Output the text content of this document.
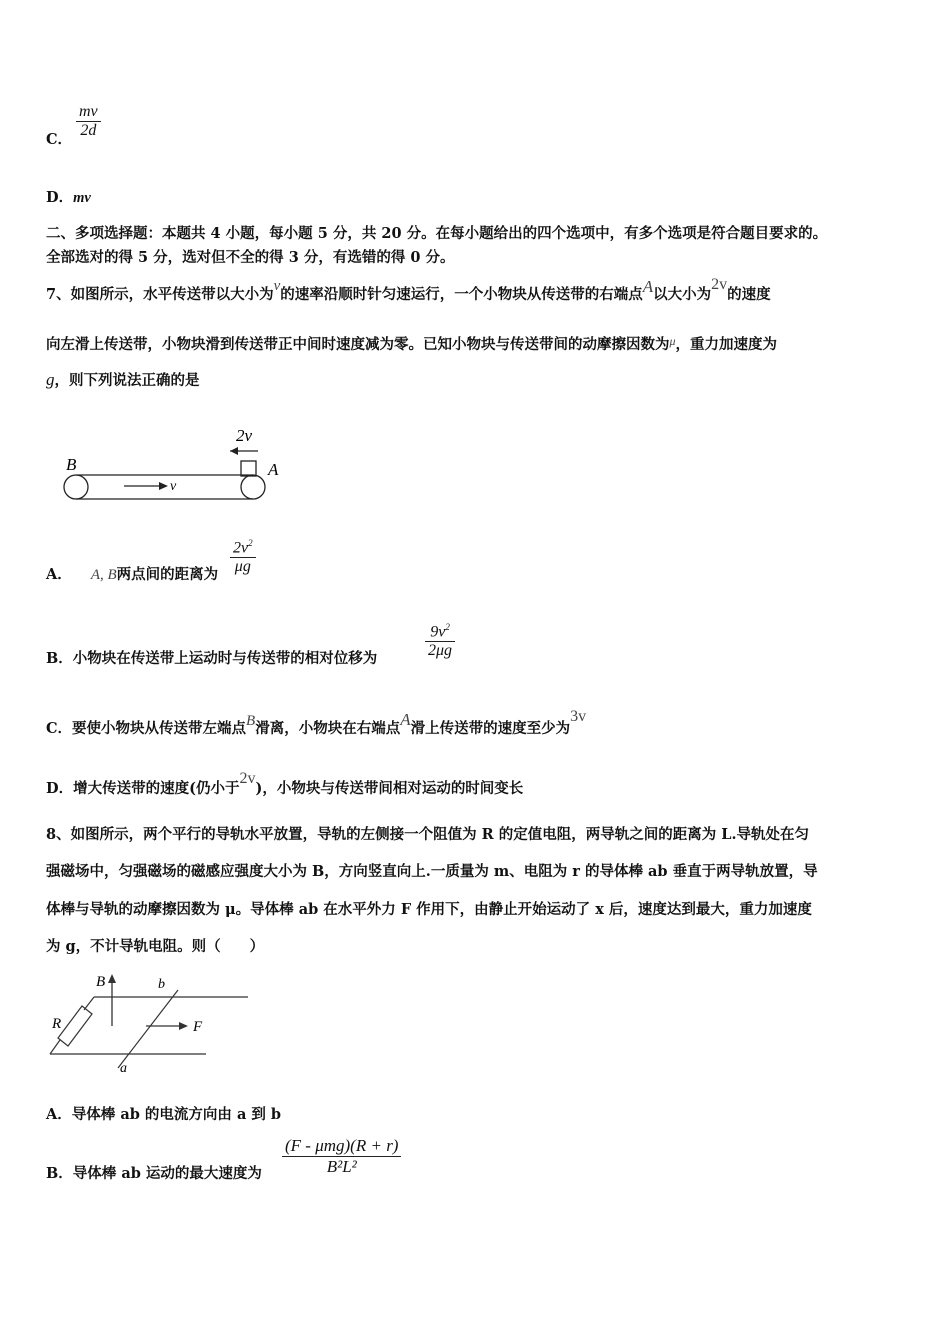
C．
mv
2d
D．mv
二、多项选择题：本题共 4 小题，每小题 5 分，共 20 分。在每小题给出的四个选项中，有多个选项是符合题目要求的。
全部选对的得 5 分，选对但不全的得 3 分，有选错的得 0 分。
7、如图所示，水平传送带以大小为v的速率沿顺时针匀速运行，一个小物块从传送带的右端点A以大小为2v的速度
向左滑上传送带，小物块滑到传送带正中间时速度减为零。已知小物块与传送带间的动摩擦因数为$^\mu$，重力加速度为
g，则下列说法正确的是
2v
B	A
v
A． A, B两点间的距离为
$2v^2$
μg
B．小物块在传送带上运动时与传送带的相对位移为
$9v^2$
2μg
C．要使小物块从传送带左端点B滑离，小物块在右端点A滑上传送带的速度至少为3v
D．增大传送带的速度(仍小于2v)，小物块与传送带间相对运动的时间变长
8、如图所示，两个平行的导轨水平放置，导轨的左侧接一个阻值为 R 的定值电阻，两导轨之间的距离为 L.导轨处在匀
强磁场中，匀强磁场的磁感应强度大小为 B，方向竖直向上.一质量为 m、电阻为 r 的导体棒 ab 垂直于两导轨放置，导
体棒与导轨的动摩擦因数为 μ。导体棒 ab 在水平外力 F 作用下，由静止开始运动了 x 后，速度达到最大，重力加速度
为 g，不计导轨电阻。则（　　）
R
B	b
a
F
A．导体棒 ab 的电流方向由 a 到 b
B．导体棒 ab 运动的最大速度为
(F - μmg)(R + r)
B²L²
